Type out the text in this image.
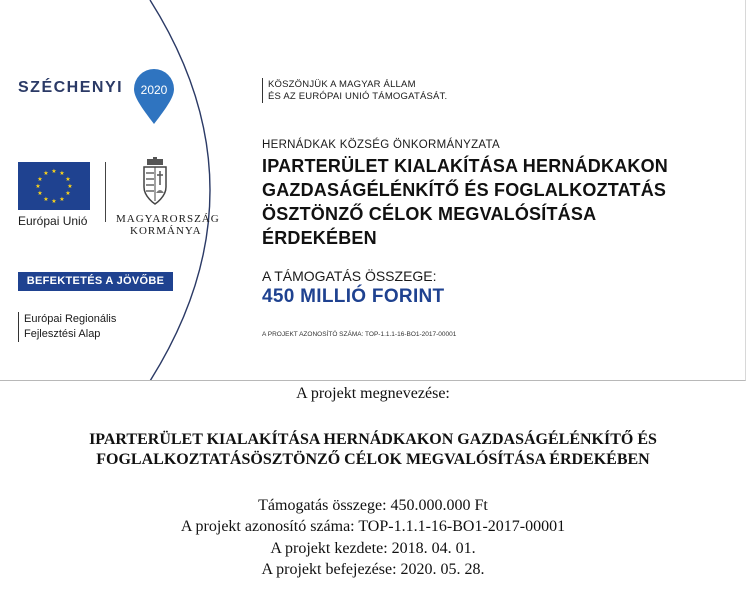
SZÉCHENYI 2020
★ ★
★
★
★
★
★
★
★
★
★
★
Európai Unió	MAGYARORSZÁG
KORMÁNYA
BEFEKTETÉS A JÖVŐBE
Európai Regionális
Fejlesztési Alap
KÖSZÖNJÜK A MAGYAR ÁLLAM
ÉS AZ EURÓPAI UNIÓ TÁMOGATÁSÁT.
HERNÁDKAK KÖZSÉG ÖNKORMÁNYZATA
IPARTERÜLET KIALAKÍTÁSA HERNÁDKAKON
GAZDASÁGÉLÉNKÍTŐ ÉS FOGLALKOZTATÁS
ÖSZTÖNZŐ CÉLOK MEGVALÓSÍTÁSA
ÉRDEKÉBEN
A TÁMOGATÁS ÖSSZEGE:
450 MILLIÓ FORINT
A PROJEKT AZONOSÍTÓ SZÁMA: TOP-1.1.1-16-BO1-2017-00001
A projekt megnevezése:
IPARTERÜLET KIALAKÍTÁSA HERNÁDKAKON GAZDASÁGÉLÉNKÍTŐ ÉS
FOGLALKOZTATÁSÖSZTÖNZŐ CÉLOK MEGVALÓSÍTÁSA ÉRDEKÉBEN
Támogatás összege: 450.000.000 Ft
A projekt azonosító száma: TOP-1.1.1-16-BO1-2017-00001
A projekt kezdete: 2018. 04. 01.
A projekt befejezése: 2020. 05. 28.
